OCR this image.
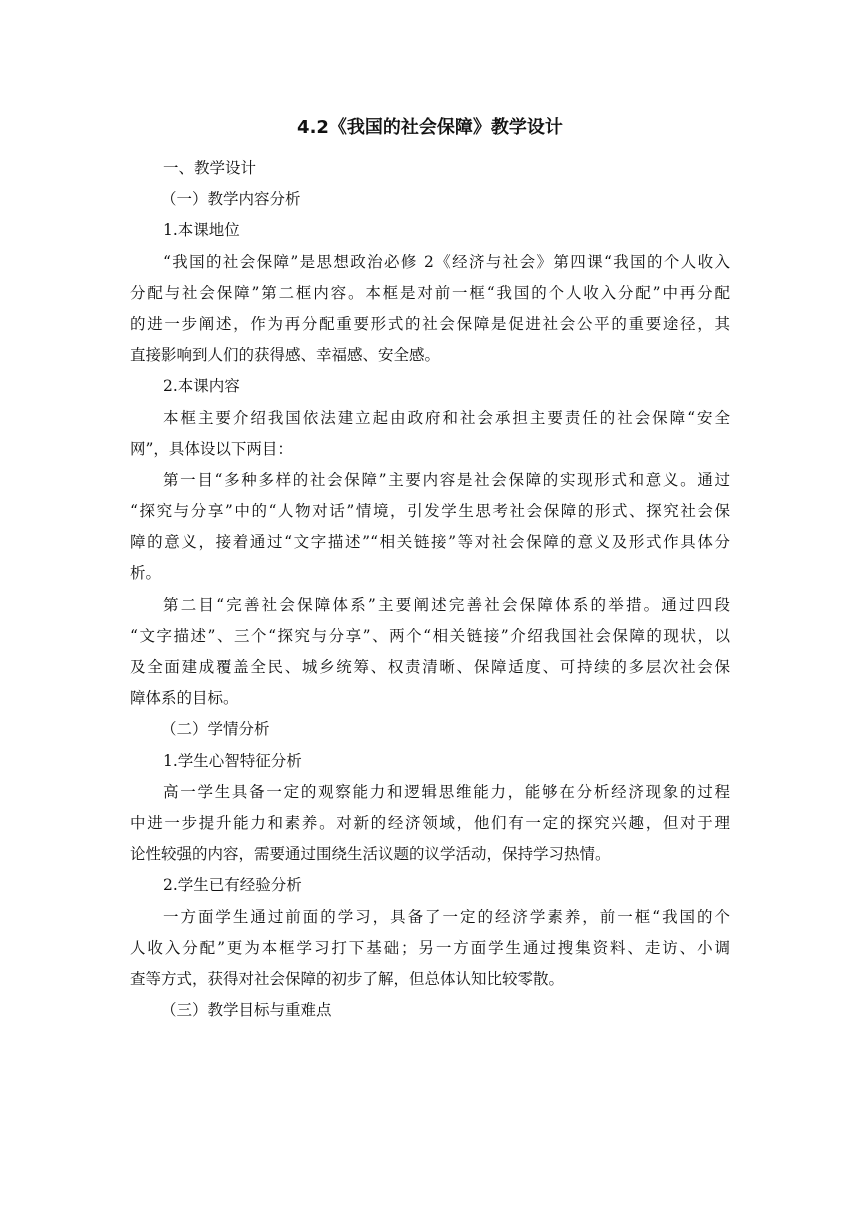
4.2《我国的社会保障》教学设计
一、教学设计
（一）教学内容分析
1.本课地位
“我国的社会保障”是思想政治必修 2《经济与社会》第四课“我国的个人收入
分配与社会保障”第二框内容。本框是对前一框“我国的个人收入分配”中再分配
的进一步阐述，作为再分配重要形式的社会保障是促进社会公平的重要途径，其
直接影响到人们的获得感、幸福感、安全感。
2.本课内容
本框主要介绍我国依法建立起由政府和社会承担主要责任的社会保障“安全
网”，具体设以下两目：
第一目“多种多样的社会保障”主要内容是社会保障的实现形式和意义。通过
“探究与分享”中的“人物对话”情境，引发学生思考社会保障的形式、探究社会保
障的意义，接着通过“文字描述”“相关链接”等对社会保障的意义及形式作具体分
析。
第二目“完善社会保障体系”主要阐述完善社会保障体系的举措。通过四段
“文字描述”、三个“探究与分享”、两个“相关链接”介绍我国社会保障的现状，以
及全面建成覆盖全民、城乡统筹、权责清晰、保障适度、可持续的多层次社会保
障体系的目标。
（二）学情分析
1.学生心智特征分析
高一学生具备一定的观察能力和逻辑思维能力，能够在分析经济现象的过程
中进一步提升能力和素养。对新的经济领域，他们有一定的探究兴趣，但对于理
论性较强的内容，需要通过围绕生活议题的议学活动，保持学习热情。
2.学生已有经验分析
一方面学生通过前面的学习，具备了一定的经济学素养，前一框“我国的个
人收入分配”更为本框学习打下基础；另一方面学生通过搜集资料、走访、小调
查等方式，获得对社会保障的初步了解，但总体认知比较零散。
（三）教学目标与重难点
